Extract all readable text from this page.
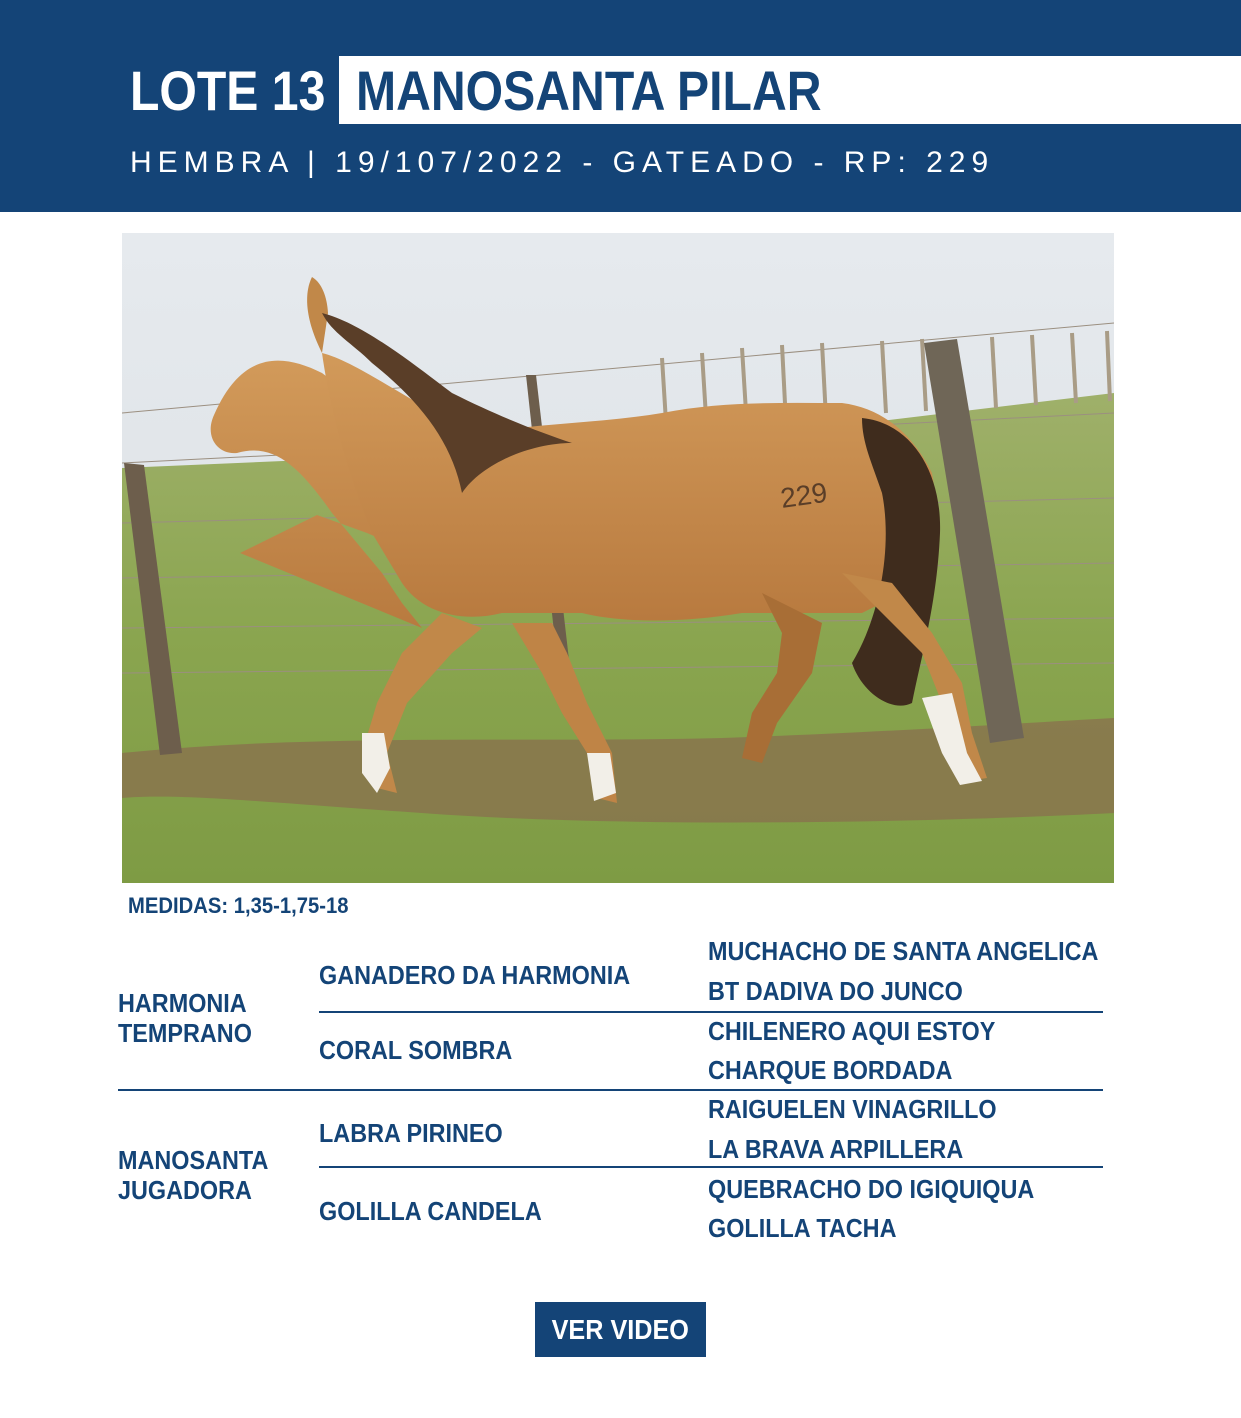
LOTE 13 MANOSANTA PILAR
HEMBRA | 19/107/2022 - GATEADO - RP: 229
229
MEDIDAS: 1,35-1,75-18
HARMONIA
TEMPRANO
GANADERO DA HARMONIA
CORAL SOMBRA
MUCHACHO DE SANTA ANGELICA
BT DADIVA DO JUNCO
CHILENERO AQUI ESTOY
CHARQUE BORDADA
MANOSANTA
JUGADORA
LABRA PIRINEO
GOLILLA CANDELA
RAIGUELEN VINAGRILLO
LA BRAVA ARPILLERA
QUEBRACHO DO IGIQUIQUA
GOLILLA TACHA
VER VIDEO
